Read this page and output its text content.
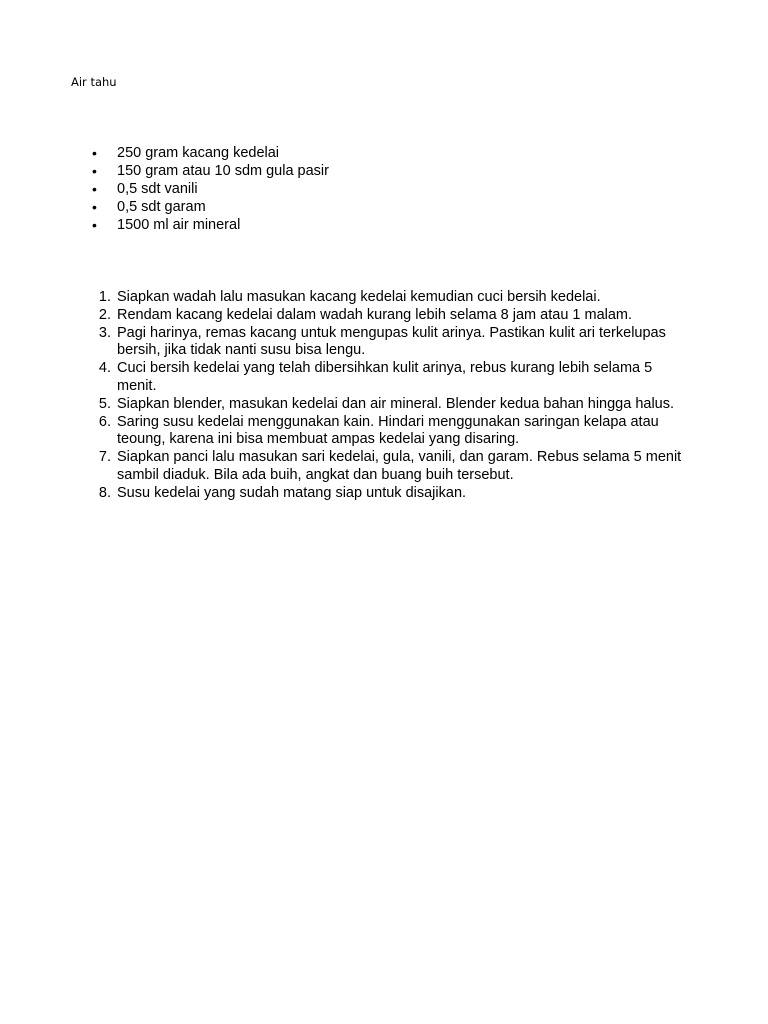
Air tahu
• 250 gram kacang kedelai
• 150 gram atau 10 sdm gula pasir
• 0,5 sdt vanili
• 0,5 sdt garam
• 1500 ml air mineral
1. Siapkan wadah lalu masukan kacang kedelai kemudian cuci bersih kedelai.
2. Rendam kacang kedelai dalam wadah kurang lebih selama 8 jam atau 1 malam.
3. Pagi harinya, remas kacang untuk mengupas kulit arinya. Pastikan kulit ari terkelupas bersih, jika tidak nanti susu bisa lengu.
4. Cuci bersih kedelai yang telah dibersihkan kulit arinya, rebus kurang lebih selama 5 menit.
5. Siapkan blender, masukan kedelai dan air mineral. Blender kedua bahan hingga halus.
6. Saring susu kedelai menggunakan kain. Hindari menggunakan saringan kelapa atau teoung, karena ini bisa membuat ampas kedelai yang disaring.
7. Siapkan panci lalu masukan sari kedelai, gula, vanili, dan garam. Rebus selama 5 menit sambil diaduk. Bila ada buih, angkat dan buang buih tersebut.
8. Susu kedelai yang sudah matang siap untuk disajikan.
